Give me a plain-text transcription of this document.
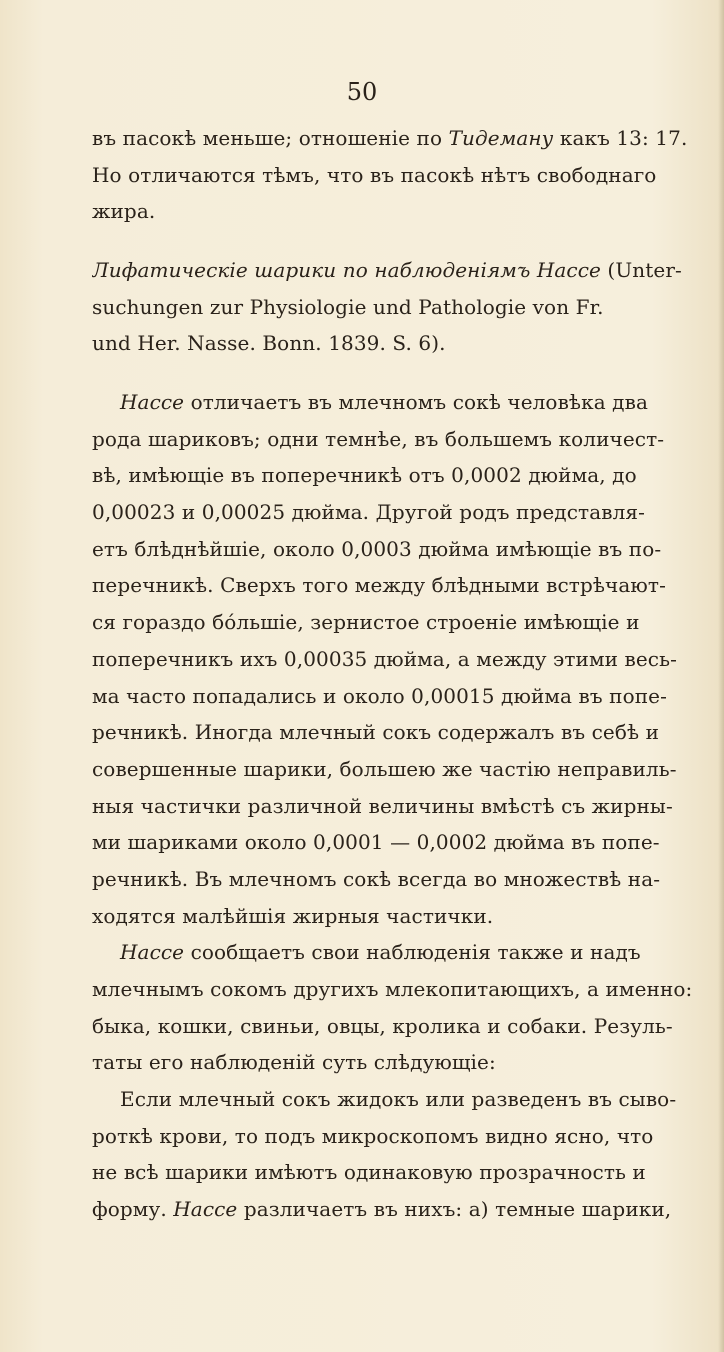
50
въ пасокѣ меньше; отношеніе по Тидеману какъ 13: 17.
Но отличаются тѣмъ, что въ пасокѣ нѣтъ свободнаго
жира.
Лифатическіе шарики по наблюденіямъ Нассе (Unter-
suchungen zur Physiologie und Pathologie von Fr.
und Her. Nasse. Bonn. 1839. S. 6).
Нассе отличаетъ въ млечномъ сокѣ человѣка два
рода шариковъ; одни темнѣе, въ большемъ количест-
вѣ, имѣющіе въ поперечникѣ отъ 0,0002 дюйма, до
0,00023 и 0,00025 дюйма. Другой родъ представля-
етъ блѣднѣйшіе, около 0,0003 дюйма имѣющіе въ по-
перечникѣ. Сверхъ того между блѣдными встрѣчают-
ся гораздо бо́льшіе, зернистое строеніе имѣющіе и
поперечникъ ихъ 0,00035 дюйма, а между этими весь-
ма часто попадались и около 0,00015 дюйма въ попе-
речникѣ. Иногда млечный сокъ содержалъ въ себѣ и
совершенные шарики, большею же частію неправиль-
ныя частички различной величины вмѣстѣ съ жирны-
ми шариками около 0,0001 — 0,0002 дюйма въ попе-
речникѣ. Въ млечномъ сокѣ всегда во множествѣ на-
ходятся малѣйшія жирныя частички.
Нассе сообщаетъ свои наблюденія также и надъ
млечнымъ сокомъ другихъ млекопитающихъ, а именно:
быка, кошки, свиньи, овцы, кролика и собаки. Резуль-
таты его наблюденій суть слѣдующіе:
Если млечный сокъ жидокъ или разведенъ въ сыво-
роткѣ крови, то подъ микроскопомъ видно ясно, что
не всѣ шарики имѣютъ одинаковую прозрачность и
форму. Нассе различаетъ въ нихъ: а) темные шарики,
